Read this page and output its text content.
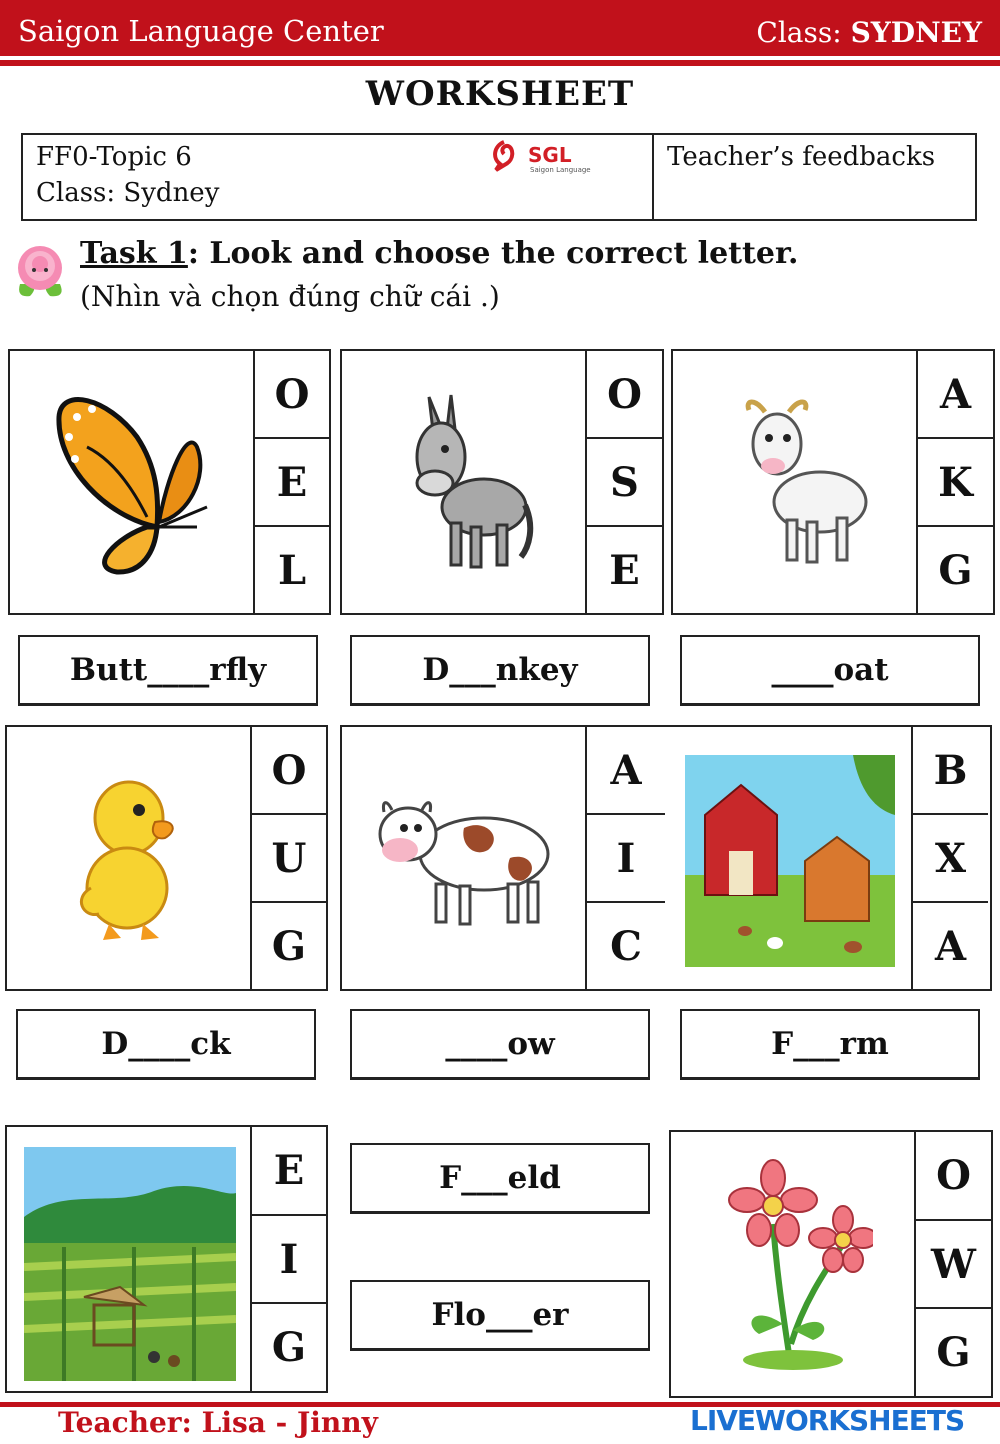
Saigon Language Center	Class: SYDNEY
WORKSHEET
FF0-Topic 6
Class: Sydney
Teacher’s feedbacks
SGL
Saigon Language
Task 1: Look and choose the correct letter.
(Nhìn và chọn đúng chữ cái .)
O
E
L
O
S
E
A
K
G
Butt____rfly	D___nkey	____oat
O
U
G
A
I
C
B
X
A
D____ck	____ow	F___rm
E
I
G
F___eld
Flo___er
O
W
G
Teacher: Lisa - Jinny	LIVEWORKSHEETS
